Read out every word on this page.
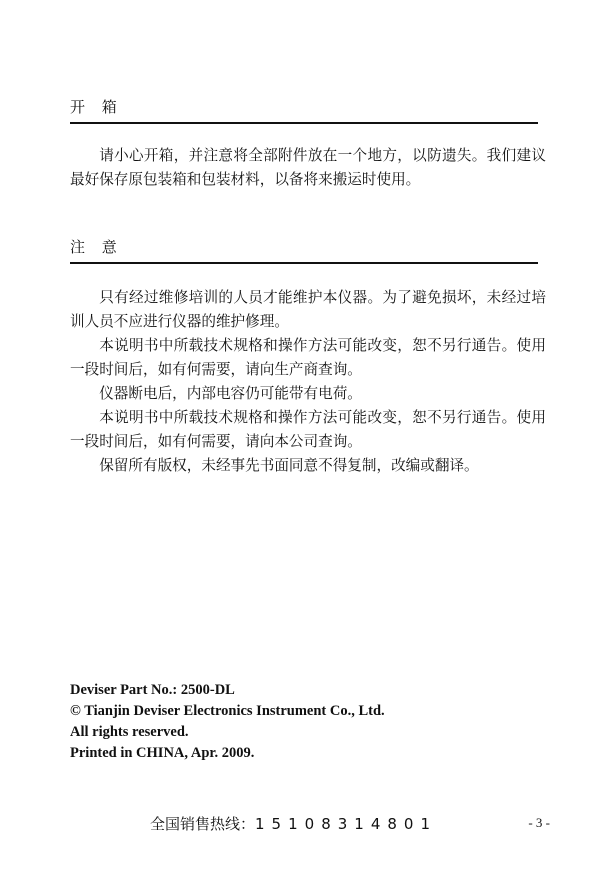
开 箱

请小心开箱，并注意将全部附件放在一个地方，以防遗失。我们建议最好保存原包装箱和包装材料，以备将来搬运时使用。

注 意

只有经过维修培训的人员才能维护本仪器。为了避免损坏，未经过培训人员不应进行仪器的维护修理。

本说明书中所载技术规格和操作方法可能改变，恕不另行通告。使用一段时间后，如有何需要，请向生产商查询。

仪器断电后，内部电容仍可能带有电荷。

本说明书中所载技术规格和操作方法可能改变，恕不另行通告。使用一段时间后，如有何需要，请向本公司查询。

保留所有版权，未经事先书面同意不得复制，改编或翻译。

Deviser Part No.: 2500-DL
© Tianjin Deviser Electronics Instrument Co., Ltd.
All rights reserved.
Printed in CHINA, Apr. 2009.
全国销售热线：15108314801	- 3 -
